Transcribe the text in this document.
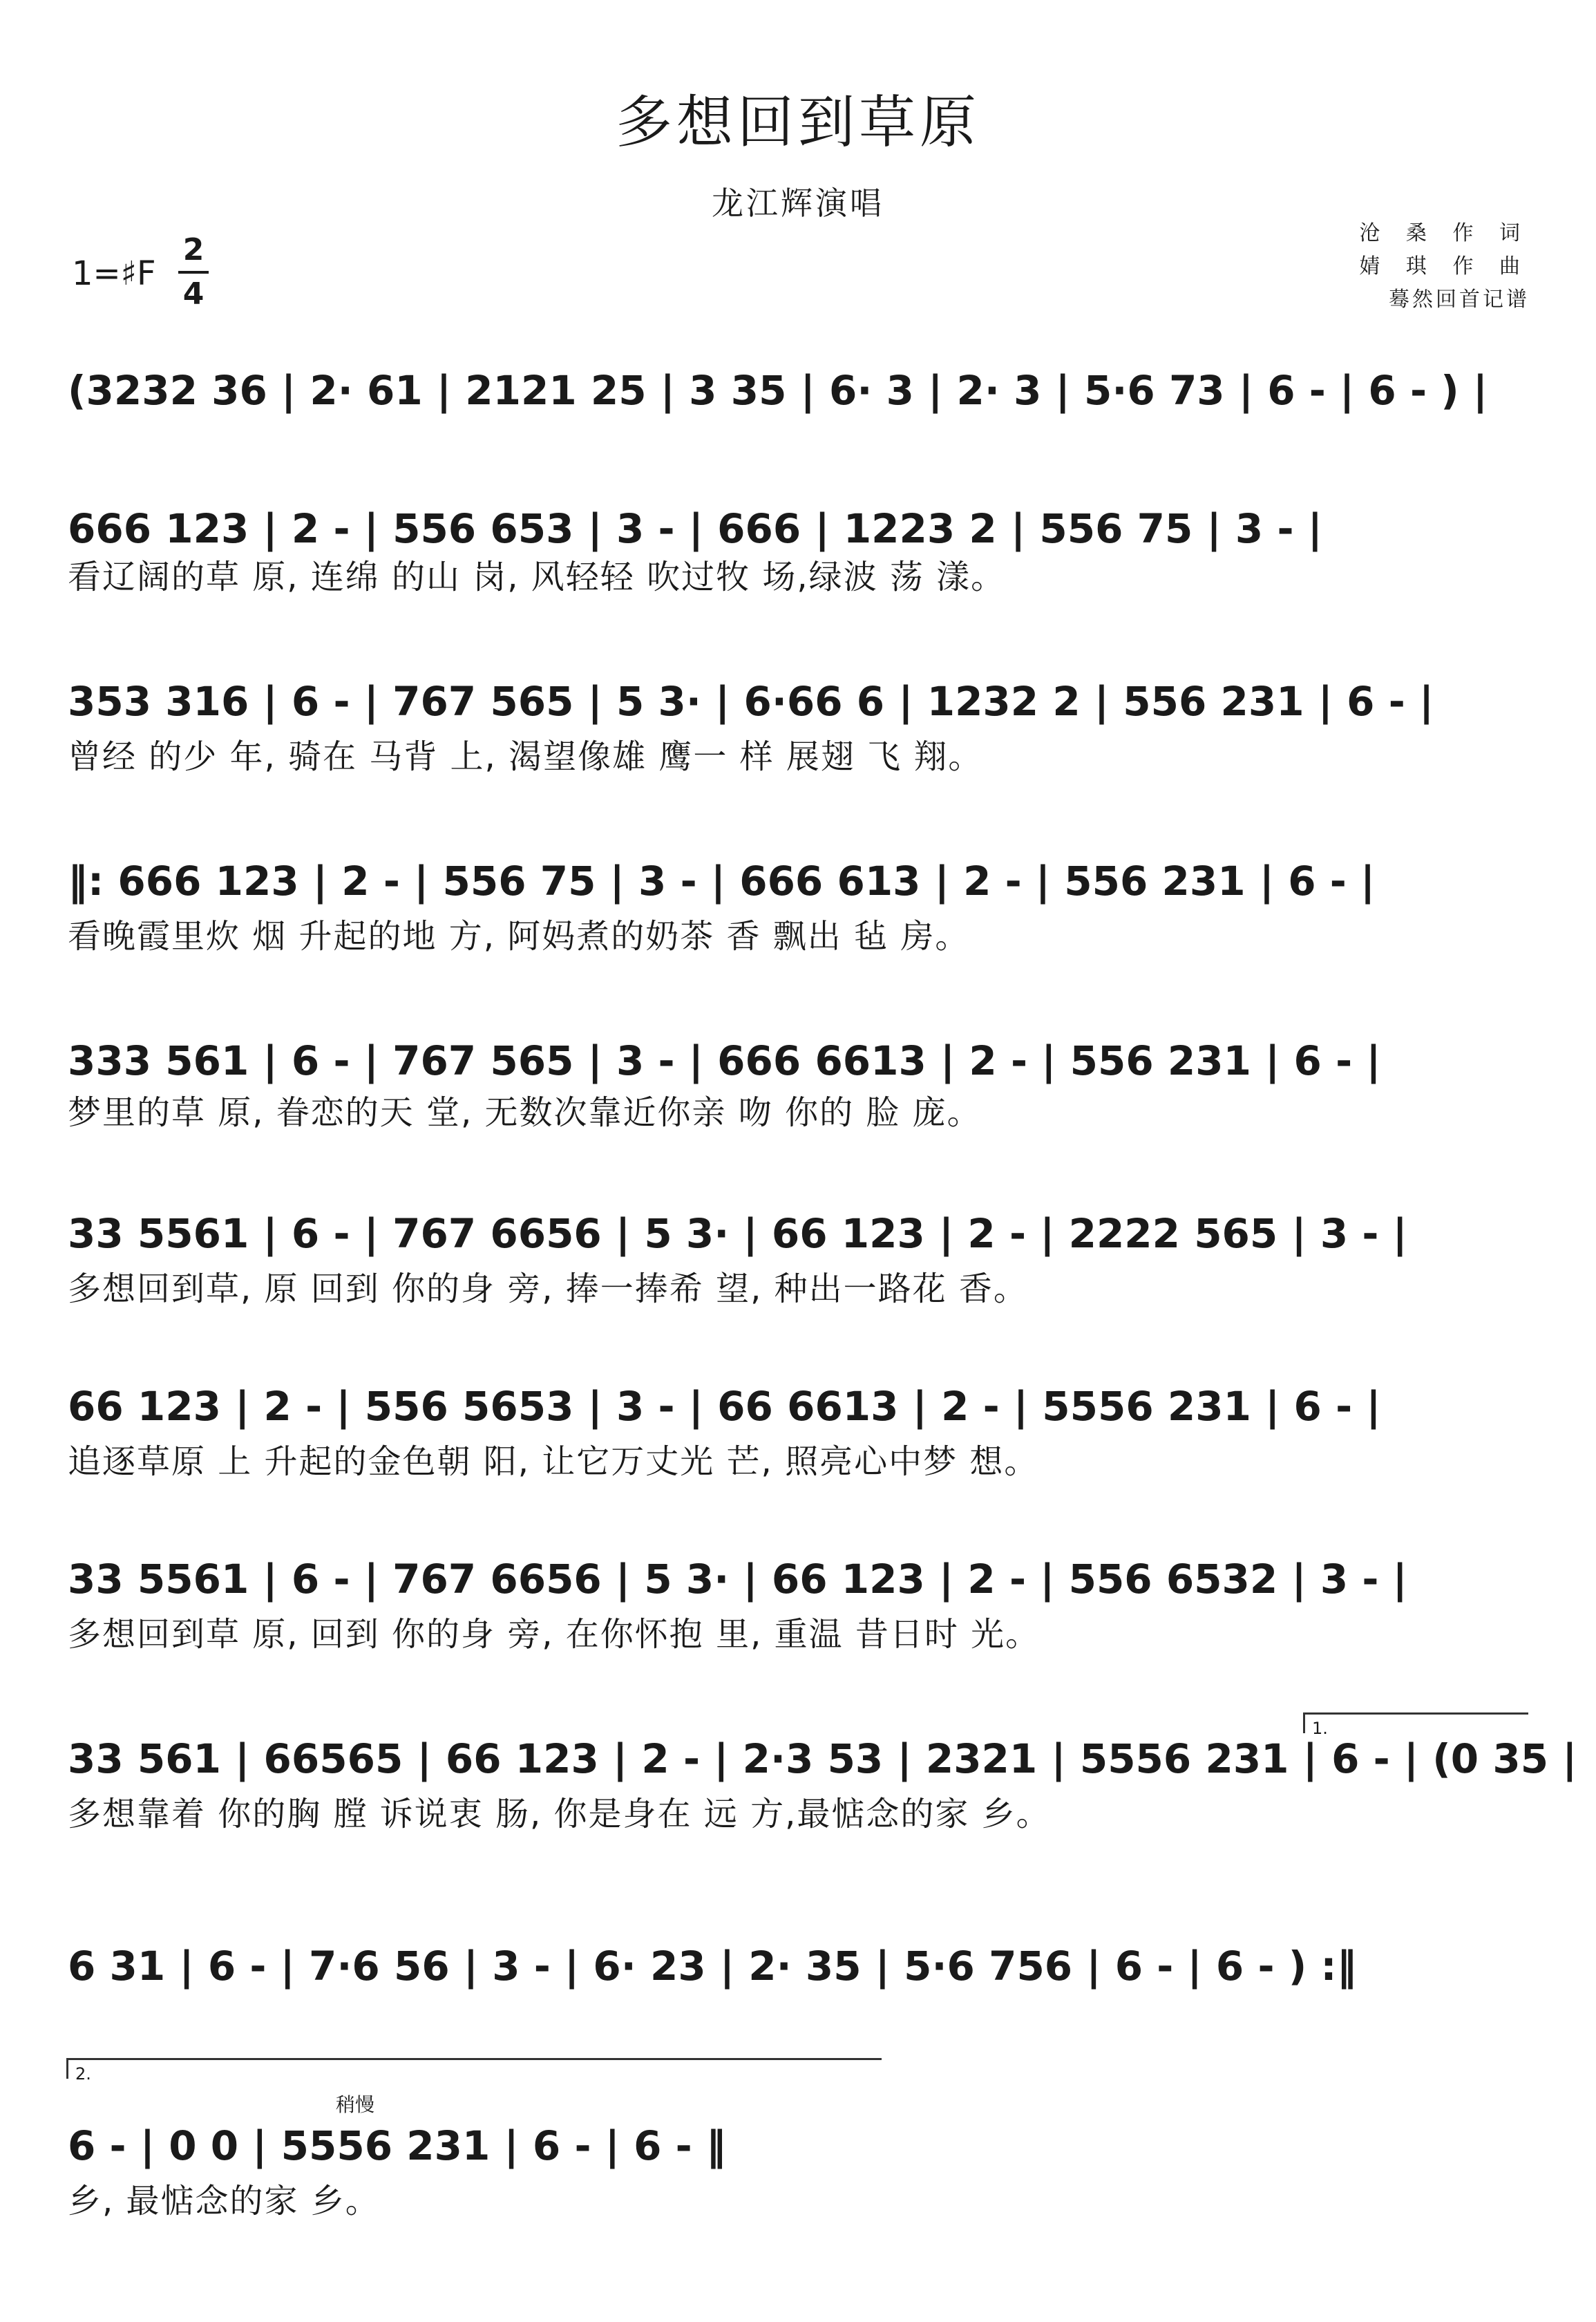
多想回到草原
龙江辉演唱
沧 桑 作 词
婧 琪 作 曲
蓦然回首记谱
1=♯F
2
4
1.
2.
稍慢
(3232 36 | 2· 61 | 2121 25 | 3 35 | 6· 3 | 2· 3 | 5·6 73 | 6 - | 6 - ) |
666 123 | 2 - | 556 653 | 3 - | 666 | 1223 2 | 556 75 | 3 - |
看辽阔的草 原, 连绵 的山 岗, 风轻轻 吹过牧 场,绿波 荡 漾。
353 316 | 6 - | 767 565 | 5 3· | 6·66 6 | 1232 2 | 556 231 | 6 - |
曾经 的少 年, 骑在 马背 上, 渴望像雄 鹰一 样 展翅 飞 翔。
‖: 666 123 | 2 - | 556 75 | 3 - | 666 613 | 2 - | 556 231 | 6 - |
看晚霞里炊 烟 升起的地 方, 阿妈煮的奶茶 香 飘出 毡 房。
333 561 | 6 - | 767 565 | 3 - | 666 6613 | 2 - | 556 231 | 6 - |
梦里的草 原, 眷恋的天 堂, 无数次靠近你亲 吻 你的 脸 庞。
33 5561 | 6 - | 767 6656 | 5 3· | 66 123 | 2 - | 2222 565 | 3 - |
多想回到草, 原 回到 你的身 旁, 捧一捧希 望, 种出一路花 香。
66 123 | 2 - | 556 5653 | 3 - | 66 6613 | 2 - | 5556 231 | 6 - |
追逐草原 上 升起的金色朝 阳, 让它万丈光 芒, 照亮心中梦 想。
33 5561 | 6 - | 767 6656 | 5 3· | 66 123 | 2 - | 556 6532 | 3 - |
多想回到草 原, 回到 你的身 旁, 在你怀抱 里, 重温 昔日时 光。
33 561 | 66565 | 66 123 | 2 - | 2·3 53 | 2321 | 5556 231 | 6 - | (0 35 |
多想靠着 你的胸 膛 诉说衷 肠, 你是身在 远 方,最惦念的家 乡。
6 31 | 6 - | 7·6 56 | 3 - | 6· 23 | 2· 35 | 5·6 756 | 6 - | 6 - ) :‖
6 - | 0 0 | 5556 231 | 6 - | 6 - ‖
乡, 最惦念的家 乡。
